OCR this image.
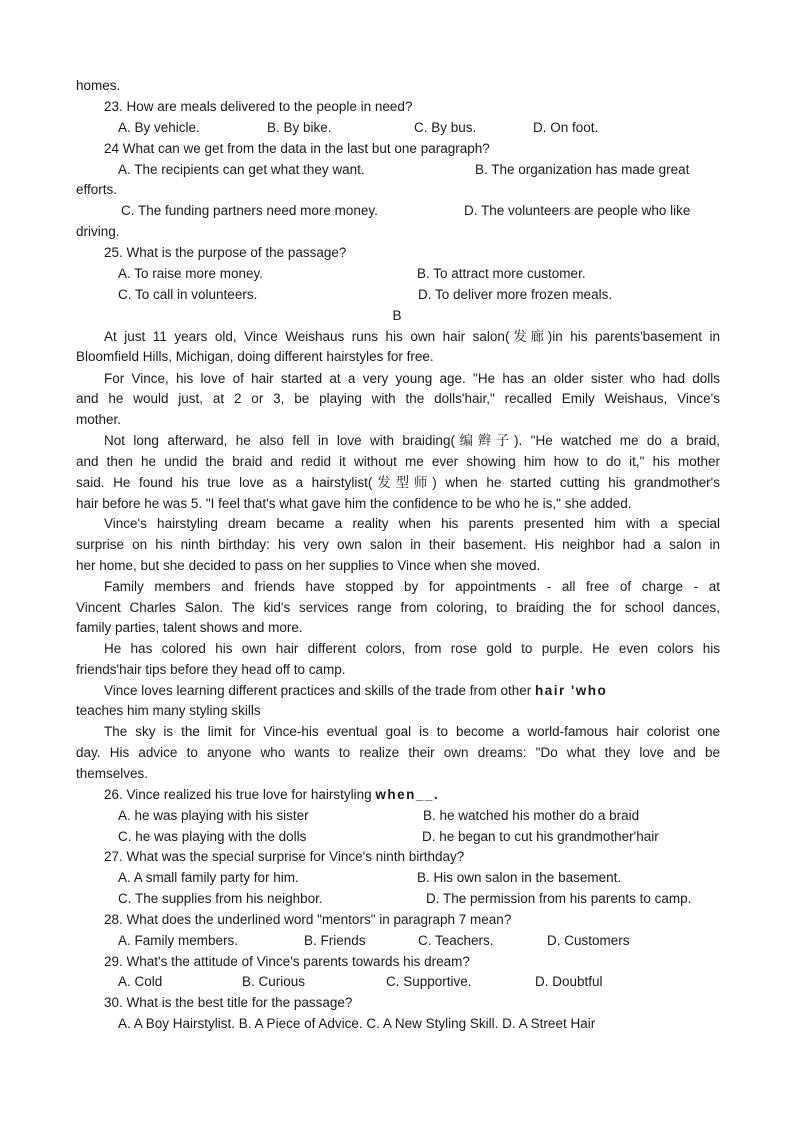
homes.
23. How are meals delivered to the people in need?
A. By vehicle.	B. By bike.	C. By bus.	D. On foot.
24 What can we get from the data in the last but one paragraph?
A. The recipients can get what they want.	B. The organization has made great
efforts.
C. The funding partners need more money.	D. The volunteers are people who like
driving.
25. What is the purpose of the passage?
A. To raise more money.	B. To attract more customer.
C. To call in volunteers.	D. To deliver more frozen meals.
B
At just 11 years old, Vince Weishaus runs his own hair salon(发廊)in his parents'basement in
Bloomfield Hills, Michigan, doing different hairstyles for free.
For Vince, his love of hair started at a very young age. "He has an older sister who had dolls
and he would just, at 2 or 3, be playing with the dolls'hair," recalled Emily Weishaus, Vince's
mother.
Not long afterward, he also fell in love with braiding(编辫子). "He watched me do a braid,
and then he undid the braid and redid it without me ever showing him how to do it," his mother
said. He found his true love as a hairstylist(发型师) when he started cutting his grandmother's
hair before he was 5. "I feel that's what gave him the confidence to be who he is," she added.
Vince's hairstyling dream became a reality when his parents presented him with a special
surprise on his ninth birthday: his very own salon in their basement. His neighbor had a salon in
her home, but she decided to pass on her supplies to Vince when she moved.
Family members and friends have stopped by for appointments - all free of charge - at
Vincent Charles Salon. The kid's services range from coloring, to braiding the for school dances,
family parties, talent shows and more.
He has colored his own hair different colors, from rose gold to purple. He even colors his
friends'hair tips before they head off to camp.
Vince loves learning different practices and skills of the trade from other hair 'who
teaches him many styling skills
The sky is the limit for Vince-his eventual goal is to become a world-famous hair colorist one
day. His advice to anyone who wants to realize their own dreams: "Do what they love and be
themselves.
26. Vince realized his true love for hairstyling when__.
A. he was playing with his sister	B. he watched his mother do a braid
C. he was playing with the dolls	D. he began to cut his grandmother'hair
27. What was the special surprise for Vince's ninth birthday?
A. A small family party for him.	B. His own salon in the basement.
C. The supplies from his neighbor.	D. The permission from his parents to camp.
28. What does the underlined word "mentors" in paragraph 7 mean?
A. Family members.	B. Friends	C. Teachers.	D. Customers
29. What's the attitude of Vince's parents towards his dream?
A. Cold	B. Curious	C. Supportive.	D. Doubtful
30. What is the best title for the passage?
A. A Boy Hairstylist. B. A Piece of Advice. C. A New Styling Skill. D. A Street Hair
